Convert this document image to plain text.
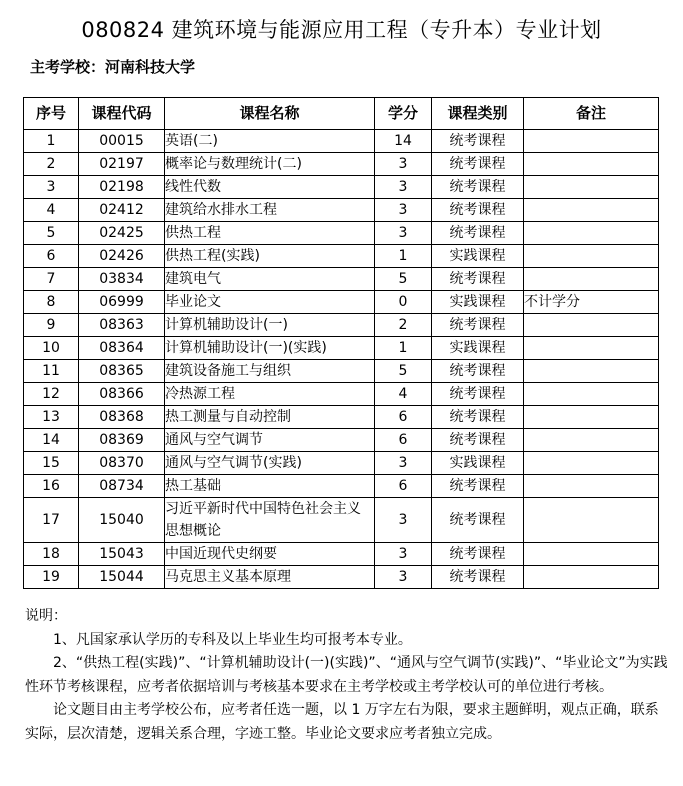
080824 建筑环境与能源应用工程（专升本）专业计划
主考学校：河南科技大学
序号	课程代码	课程名称	学分	课程类别	备注
1	00015	英语(二)	14	统考课程	
2	02197	概率论与数理统计(二)	3	统考课程	
3	02198	线性代数	3	统考课程	
4	02412	建筑给水排水工程	3	统考课程	
5	02425	供热工程	3	统考课程	
6	02426	供热工程(实践)	1	实践课程	
7	03834	建筑电气	5	统考课程	
8	06999	毕业论文	0	实践课程	不计学分
9	08363	计算机辅助设计(一)	2	统考课程	
10	08364	计算机辅助设计(一)(实践)	1	实践课程	
11	08365	建筑设备施工与组织	5	统考课程	
12	08366	冷热源工程	4	统考课程	
13	08368	热工测量与自动控制	6	统考课程	
14	08369	通风与空气调节	6	统考课程	
15	08370	通风与空气调节(实践)	3	实践课程	
16	08734	热工基础	6	统考课程	
17	15040	习近平新时代中国特色社会主义思想概论	3	统考课程	
18	15043	中国近现代史纲要	3	统考课程	
19	15044	马克思主义基本原理	3	统考课程	

说明：

1、凡国家承认学历的专科及以上毕业生均可报考本专业。

2、“供热工程(实践)”、“计算机辅助设计(一)(实践)”、“通风与空气调节(实践)”、“毕业论文”为实践性环节考核课程，应考者依据培训与考核基本要求在主考学校或主考学校认可的单位进行考核。

论文题目由主考学校公布，应考者任选一题，以 1 万字左右为限，要求主题鲜明，观点正确，联系实际，层次清楚，逻辑关系合理，字迹工整。毕业论文要求应考者独立完成。
